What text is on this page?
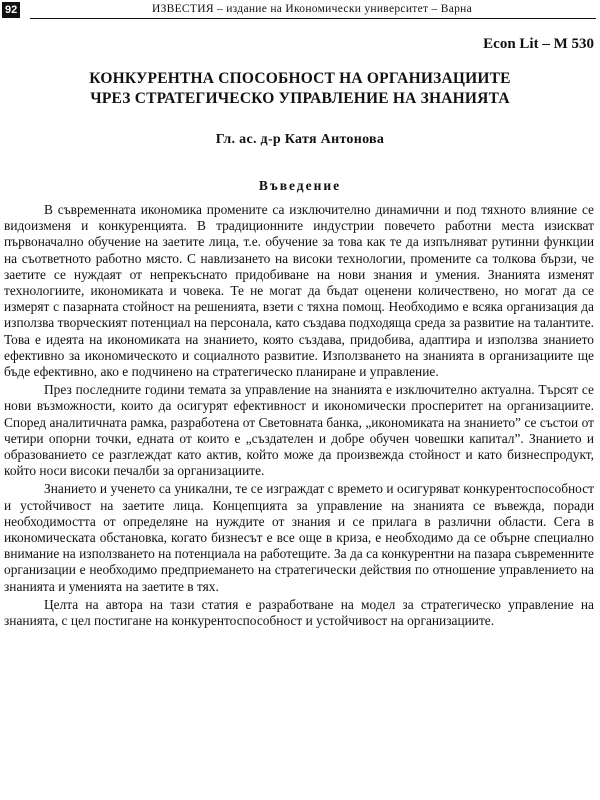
92	ИЗВЕСТИЯ – издание на Икономически университет – Варна
Econ Lit – M 530
КОНКУРЕНТНА СПОСОБНОСТ НА ОРГАНИЗАЦИИТЕ
ЧРЕЗ СТРАТЕГИЧЕСКО УПРАВЛЕНИЕ НА ЗНАНИЯТА
Гл. ас. д-р Катя Антонова
Въведение

В съвременната икономика промените са изключително динамични и под тяхното влияние се видоизменя и конкуренцията. В традиционните индустрии повечето работни места изискват първоначално обучение на заетите лица, т.е. обучение за това как те да изпълняват рутинни функции на съответното работно място. С навлизането на високи технологии, промените са толкова бързи, че заетите се нуждаят от непрекъснато придобиване на нови знания и умения. Знанията изменят технологиите, икономиката и човека. Те не могат да бъдат оценени количествено, но могат да се измерят с пазарната стойност на решенията, взети с тяхна помощ. Необходимо е всяка организация да използва творческият потенциал на персонала, като създава подходяща среда за развитие на талантите. Това е идеята на икономиката на знанието, която създава, придобива, адаптира и използва знанието ефективно за икономическото и социалното развитие. Използването на знанията в организациите ще бъде ефективно, ако е подчинено на стратегическо планиране и управление.

През последните години темата за управление на знанията е изключително актуална. Търсят се нови възможности, които да осигурят ефективност и икономически просперитет на организациите. Според аналитичната рамка, разработена от Световната банка, „икономиката на знанието” се състои от четири опорни точки, едната от които е „създателен и добре обучен човешки капитал”. Знанието и образованието се разглеждат като актив, който може да произвежда стойност и като бизнеспродукт, който носи високи печалби за организациите.

Знанието и ученето са уникални, те се изграждат с времето и осигуряват конкурентоспособност и устойчивост на заетите лица. Концепцията за управление на знанията се въвежда, поради необходимостта от определяне на нуждите от знания и се прилага в различни области. Сега в икономическата обстановка, когато бизнесът е все още в криза, е необходимо да се обърне специално внимание на използването на потенциала на работещите. За да са конкурентни на пазара съвременните организации е необходимо предприемането на стратегически действия по отношение управлението на знанията и уменията на заетите в тях.

Целта на автора на тази статия е разработване на модел за стратегическо управление на знанията, с цел постигане на конкурентоспособност и устойчивост на организациите.
